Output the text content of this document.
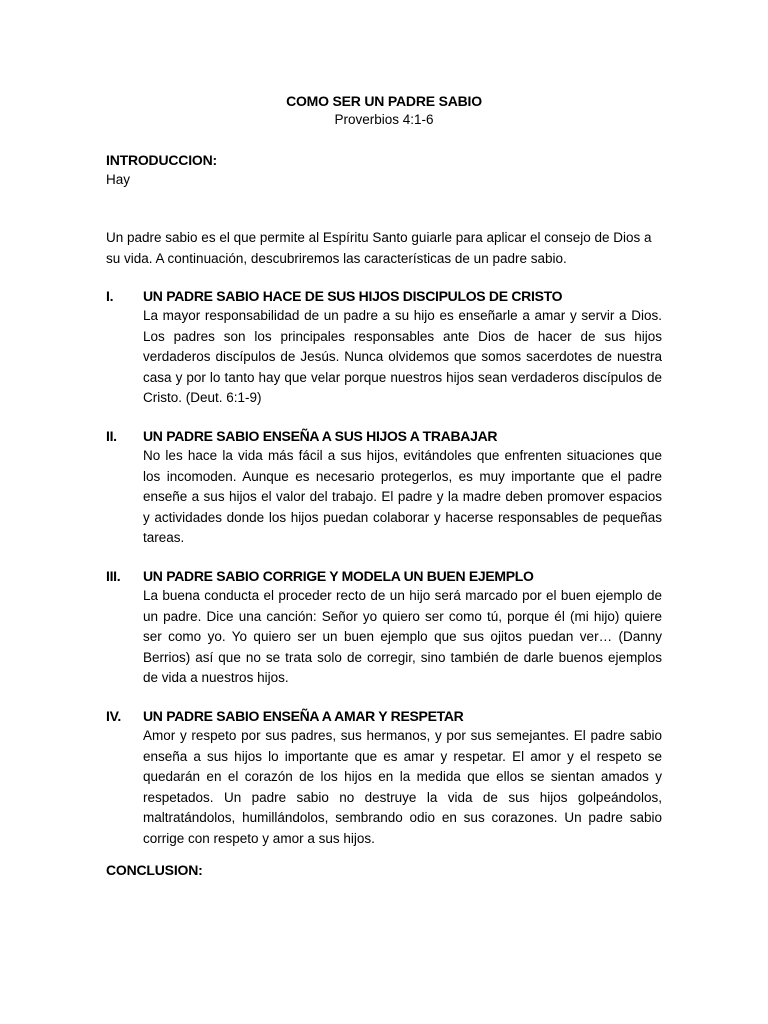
COMO SER UN PADRE SABIO
Proverbios 4:1-6
INTRODUCCION:
Hay
Un padre sabio es el que permite al Espíritu Santo guiarle para aplicar el consejo de Dios a su vida. A continuación, descubriremos las características de un padre sabio.
I.	UN PADRE SABIO HACE DE SUS HIJOS DISCIPULOS DE CRISTO
La mayor responsabilidad de un padre a su hijo es enseñarle a amar y servir a Dios. Los padres son los principales responsables ante Dios de hacer de sus hijos verdaderos discípulos de Jesús. Nunca olvidemos que somos sacerdotes de nuestra casa y por lo tanto hay que velar porque nuestros hijos sean verdaderos discípulos de Cristo. (Deut. 6:1-9)
II.	UN PADRE SABIO ENSEÑA A SUS HIJOS A TRABAJAR
No les hace la vida más fácil a sus hijos, evitándoles que enfrenten situaciones que los incomoden. Aunque es necesario protegerlos, es muy importante que el padre enseñe a sus hijos el valor del trabajo. El padre y la madre deben promover espacios y actividades donde los hijos puedan colaborar y hacerse responsables de pequeñas tareas.
III.	UN PADRE SABIO CORRIGE Y MODELA UN BUEN EJEMPLO
La buena conducta el proceder recto de un hijo será marcado por el buen ejemplo de un padre. Dice una canción: Señor yo quiero ser como tú, porque él (mi hijo) quiere ser como yo. Yo quiero ser un buen ejemplo que sus ojitos puedan ver… (Danny Berrios) así que no se trata solo de corregir, sino también de darle buenos ejemplos de vida a nuestros hijos.
IV.	UN PADRE SABIO ENSEÑA A AMAR Y RESPETAR
Amor y respeto por sus padres, sus hermanos, y por sus semejantes. El padre sabio enseña a sus hijos lo importante que es amar y respetar. El amor y el respeto se quedarán en el corazón de los hijos en la medida que ellos se sientan amados y respetados. Un padre sabio no destruye la vida de sus hijos golpeándolos, maltratándolos, humillándolos, sembrando odio en sus corazones. Un padre sabio corrige con respeto y amor a sus hijos.
CONCLUSION:
